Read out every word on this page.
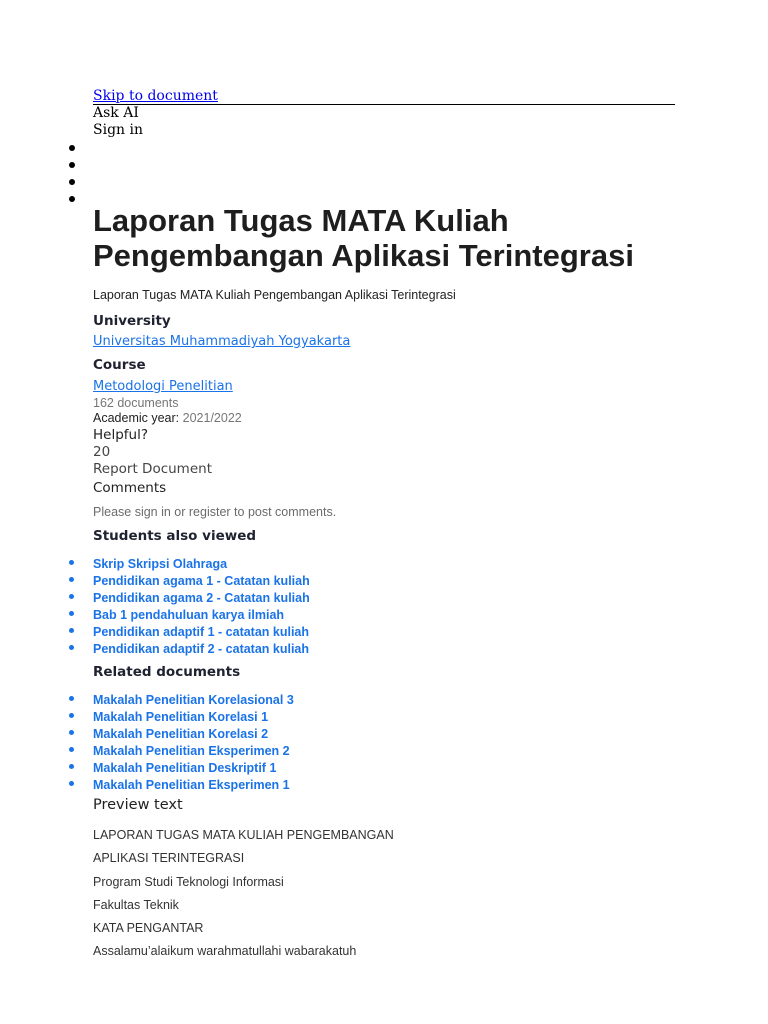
Skip to document
Ask AI
Sign in
Laporan Tugas MATA Kuliah Pengembangan Aplikasi Terintegrasi

Laporan Tugas MATA Kuliah Pengembangan Aplikasi Terintegrasi

University
Universitas Muhammadiyah Yogyakarta
Course
Metodologi Penelitian
162 documents
Academic year: 2021/2022
Helpful?
20
Report Document
Comments
Please sign in or register to post comments.
Students also viewed
Skrip Skripsi Olahraga
Pendidikan agama 1 - Catatan kuliah
Pendidikan agama 2 - Catatan kuliah
Bab 1 pendahuluan karya ilmiah
Pendidikan adaptif 1 - catatan kuliah
Pendidikan adaptif 2 - catatan kuliah
Related documents
Makalah Penelitian Korelasional 3
Makalah Penelitian Korelasi 1
Makalah Penelitian Korelasi 2
Makalah Penelitian Eksperimen 2
Makalah Penelitian Deskriptif 1
Makalah Penelitian Eksperimen 1
Preview text

LAPORAN TUGAS MATA KULIAH PENGEMBANGAN

APLIKASI TERINTEGRASI

Program Studi Teknologi Informasi

Fakultas Teknik

KATA PENGANTAR

Assalamu’alaikum warahmatullahi wabarakatuh
